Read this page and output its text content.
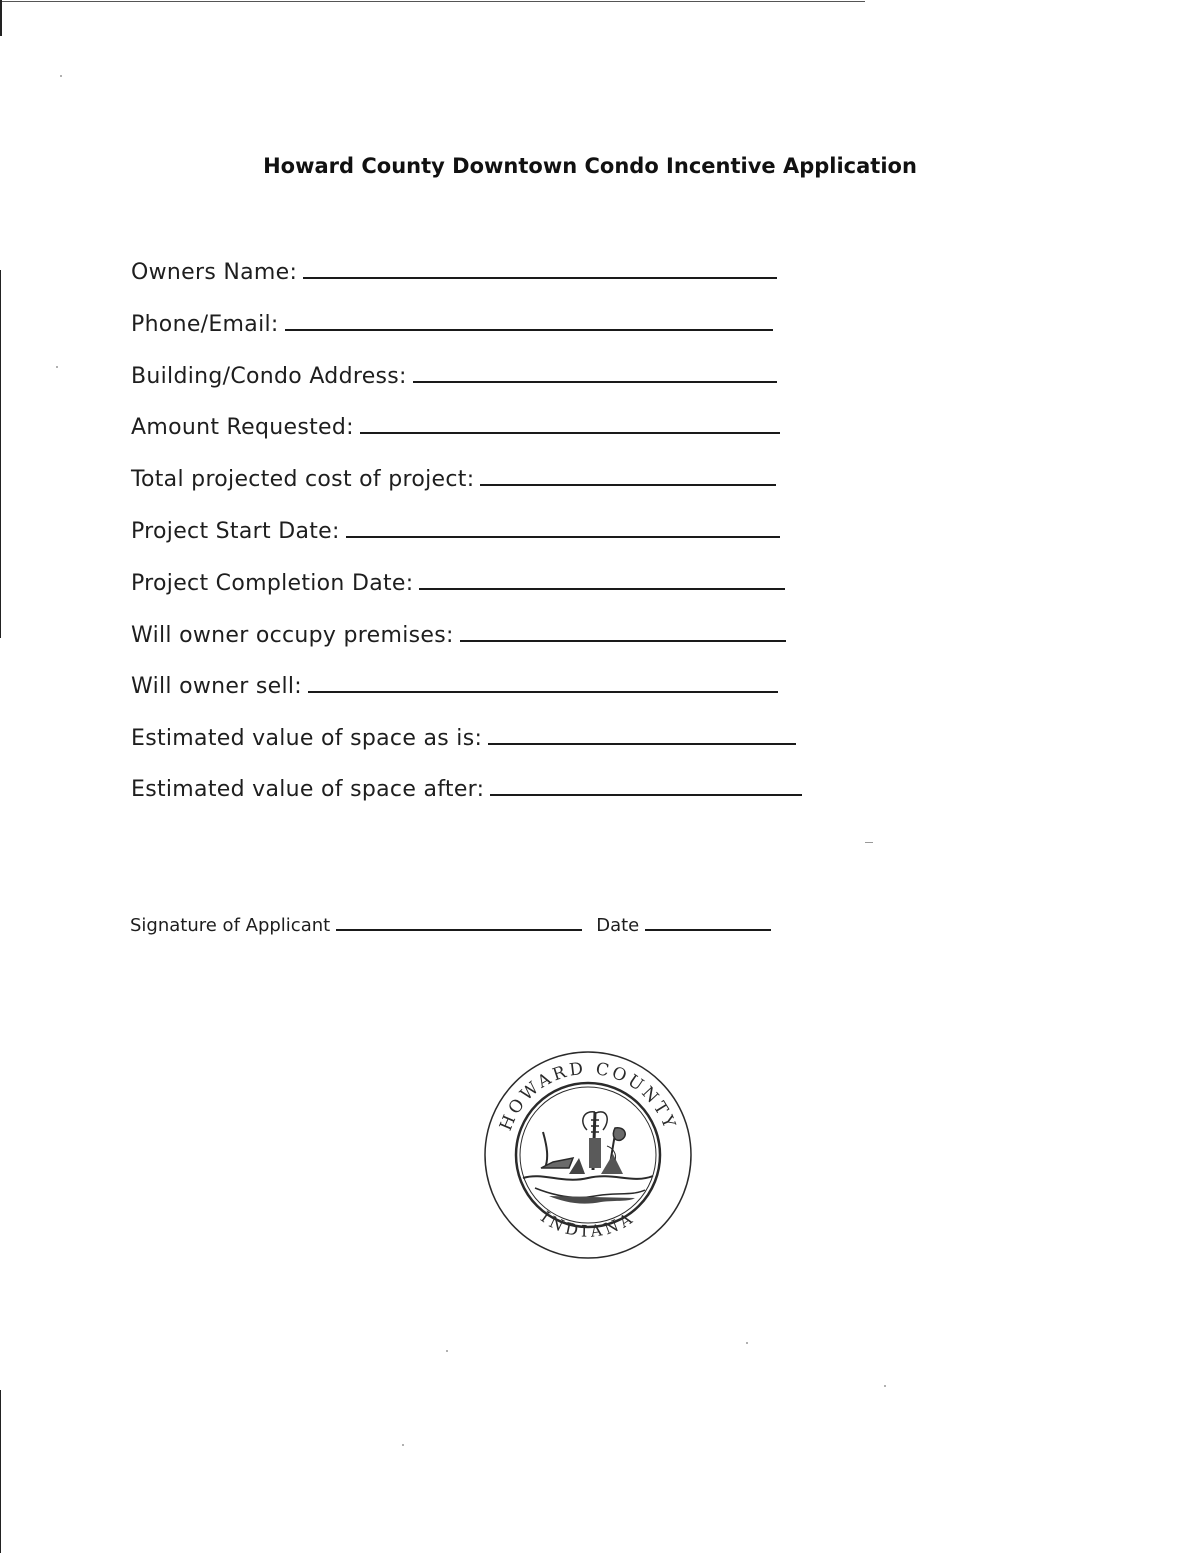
Howard County Downtown Condo Incentive Application
Owners Name:
Phone/Email:
Building/Condo Address:
Amount Requested:
Total projected cost of project:
Project Start Date:
Project Completion Date:
Will owner occupy premises:
Will owner sell:
Estimated value of space as is:
Estimated value of space after:
Signature of Applicant	Date
HOWARD COUNTY
INDIANA
